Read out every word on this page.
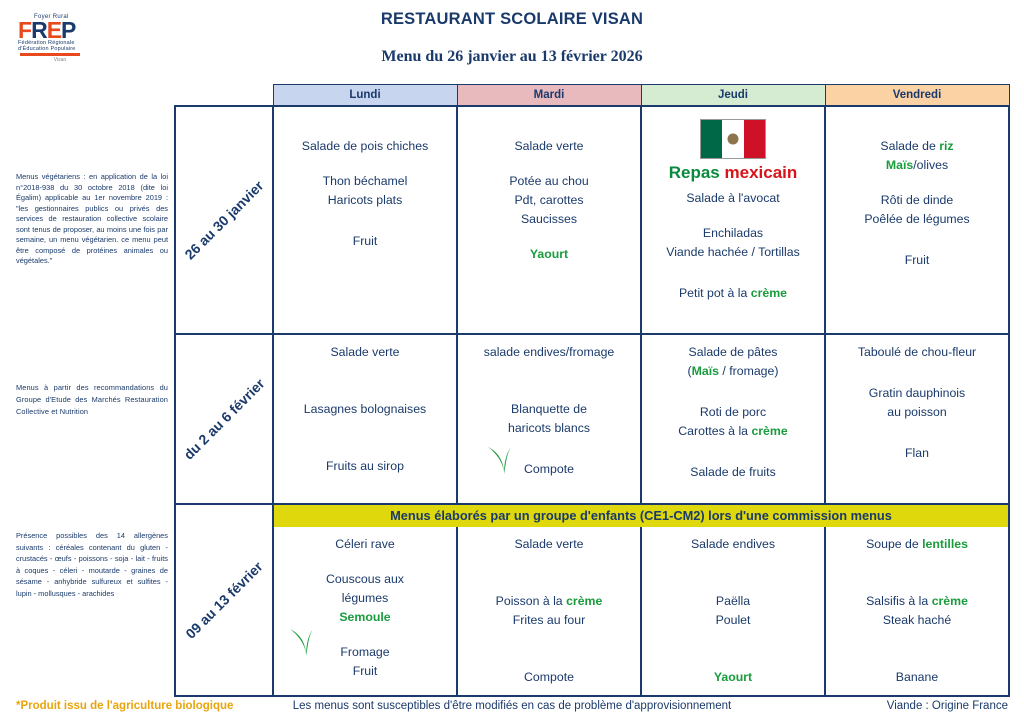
Foyer Rural
FREP
Fédération Régionale d'Éducation Populaire
Visan
RESTAURANT SCOLAIRE VISAN
Menu du 26 janvier au 13 février 2026
Menus végétariens : en application de la loi n°2018-938 du 30 octobre 2018 (dite loi Égalim) applicable au 1er novembre 2019 : "les gestionnaires publics ou privés des services de restauration collective scolaire sont tenus de proposer, au moins une fois par semaine, un menu végétarien. ce menu peut être composé de protéines animales ou végétales."
Menus à partir des recommandations du Groupe d'Etude des Marchés Restauration Collective et Nutrition
Présence possibles des 14 allergènes suivants : céréales contenant du gluten - crustacés - œufs - poissons - soja - lait - fruits à coques - céleri - moutarde - graines de sésame - anhybride sulfureux et sulfites - lupin - mollusques - arachides
	Lundi	Mardi	Jeudi	Vendredi

26 au 30 janvier

Salade de pois chiches
Thon béchamel
Haricots plats
Fruit

Salade verte
Potée au chou
Pdt, carottes
Saucisses
Yaourt

Repas mexicain
Salade à l'avocat
Enchiladas
Viande hachée / Tortillas
Petit pot à la crème

Salade de riz
Maïs/olives
Rôti de dinde
Poêlée de légumes
Fruit

du 2 au 6 février

Salade verte
Lasagnes bolognaises
Fruits au sirop

salade endives/fromage
Blanquette de
haricots blancs
Compote

Salade de pâtes
(Maïs / fromage)
Roti de porc
Carottes à la crème
Salade de fruits

Taboulé de chou-fleur
Gratin dauphinois
au poisson
Flan

09 au 13 février	Menus élaborés par un groupe d'enfants (CE1-CM2) lors d'une commission menus			

Céleri rave
Couscous aux
légumes
Semoule
Fromage
Fruit

Salade verte
Poisson à la crème
Frites au four
Compote

Salade endives
Paëlla
Poulet
Yaourt

Soupe de lentilles
Salsifis à la crème
Steak haché
Banane
*Produit issu de l'agriculture biologique	Les menus sont susceptibles d'être modifiés en cas de problème d'approvisionnement	Viande : Origine France
